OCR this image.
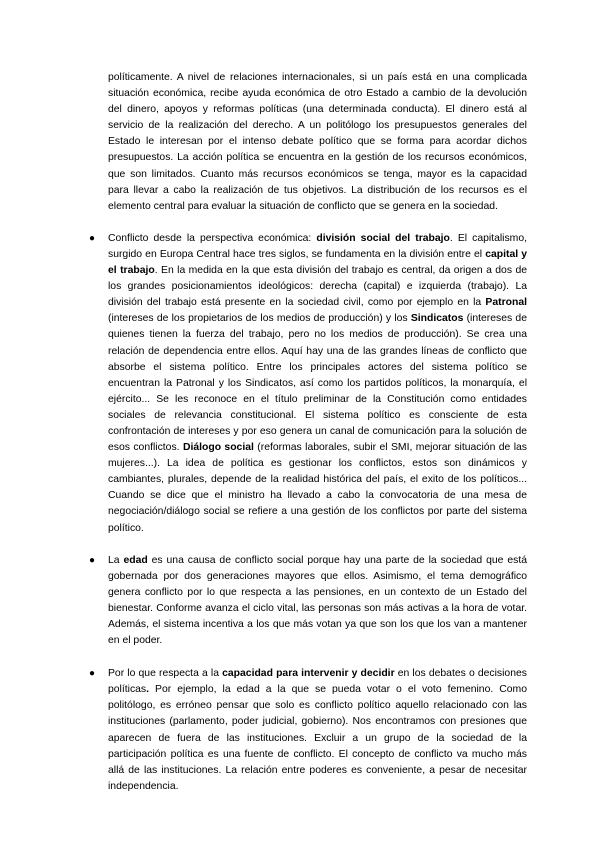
políticamente. A nivel de relaciones internacionales, si un país está en una complicada situación económica, recibe ayuda económica de otro Estado a cambio de la devolución del dinero, apoyos y reformas políticas (una determinada conducta). El dinero está al servicio de la realización del derecho. A un politólogo los presupuestos generales del Estado le interesan por el intenso debate político que se forma para acordar dichos presupuestos. La acción política se encuentra en la gestión de los recursos económicos, que son limitados. Cuanto más recursos económicos se tenga, mayor es la capacidad para llevar a cabo la realización de tus objetivos. La distribución de los recursos es el elemento central para evaluar la situación de conflicto que se genera en la sociedad.

● Conflicto desde la perspectiva económica: división social del trabajo. El capitalismo, surgido en Europa Central hace tres siglos, se fundamenta en la división entre el capital y el trabajo. En la medida en la que esta división del trabajo es central, da origen a dos de los grandes posicionamientos ideológicos: derecha (capital) e izquierda (trabajo). La división del trabajo está presente en la sociedad civil, como por ejemplo en la Patronal (intereses de los propietarios de los medios de producción) y los Sindicatos (intereses de quienes tienen la fuerza del trabajo, pero no los medios de producción). Se crea una relación de dependencia entre ellos. Aquí hay una de las grandes líneas de conflicto que absorbe el sistema político. Entre los principales actores del sistema político se encuentran la Patronal y los Sindicatos, así como los partidos políticos, la monarquía, el ejército... Se les reconoce en el título preliminar de la Constitución como entidades sociales de relevancia constitucional. El sistema político es consciente de esta confrontación de intereses y por eso genera un canal de comunicación para la solución de esos conflictos. Diálogo social (reformas laborales, subir el SMI, mejorar situación de las mujeres...). La idea de política es gestionar los conflictos, estos son dinámicos y cambiantes, plurales, depende de la realidad histórica del país, el exito de los políticos... Cuando se dice que el ministro ha llevado a cabo la convocatoria de una mesa de negociación/diálogo social se refiere a una gestión de los conflictos por parte del sistema político.

● La edad es una causa de conflicto social porque hay una parte de la sociedad que está gobernada por dos generaciones mayores que ellos. Asimismo, el tema demográfico genera conflicto por lo que respecta a las pensiones, en un contexto de un Estado del bienestar. Conforme avanza el ciclo vital, las personas son más activas a la hora de votar. Además, el sistema incentiva a los que más votan ya que son los que los van a mantener en el poder.

● Por lo que respecta a la capacidad para intervenir y decidir en los debates o decisiones políticas. Por ejemplo, la edad a la que se pueda votar o el voto femenino. Como politólogo, es erróneo pensar que solo es conflicto político aquello relacionado con las instituciones (parlamento, poder judicial, gobierno). Nos encontramos con presiones que aparecen de fuera de las instituciones. Excluir a un grupo de la sociedad de la participación política es una fuente de conflicto. El concepto de conflicto va mucho más allá de las instituciones. La relación entre poderes es conveniente, a pesar de necesitar independencia.
